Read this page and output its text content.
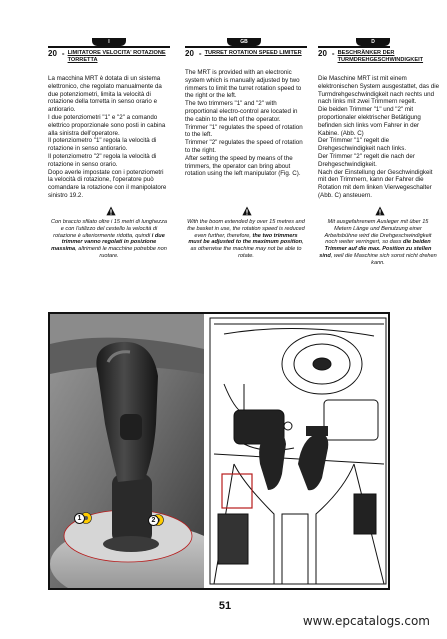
I	GB	D
20 - LIMITATORE VELOCITA' ROTAZIONE TORRETTA

La macchina MRT è dotata di un sistema elettronico, che regolato manualmente da due potenziometri, limita la velocità di rotazione della torretta in senso orario e antiorario.

I due potenziometri "1" e "2" a comando elettrico proporzionale sono posti in cabina alla sinistra dell'operatore.

Il potenziometro "1" regola la velocità di rotazione in senso antiorario.

Il potenziometro "2" regola la velocità di rotazione in senso orario.

Dopo averle impostate con i potenziometri la velocità di rotazione, l'operatore può comandare la rotazione con il manipolatore sinistro 19.2.

20 - TURRET ROTATION SPEED LIMITER

The MRT is provided with an electronic system which is manually adjusted by two rimmers to limit the turret rotation speed to the right or the left.

The two trimmers "1" and "2" with proportional electro-control are located in the cabin to the left of the operator.

Trimmer "1" regulates the speed of rotation to the left.

Trimmer "2" regulates the speed of rotation to the right.

After setting the speed by means of the trimmers, the operator can bring about rotation using the left manipulator (Fig. C).

20 - BESCHRÄNKER DER TURMDREHGESCHWINDIGKEIT

Die Maschine MRT ist mit einem elektronischen System ausgestattet, das die Turmdrehgeschwindigkeit nach rechts und nach links mit zwei Trimmern regelt.

Die beiden Trimmer "1" und "2" mit proportionaler elektrischer Betätigung befinden sich links vom Fahrer in der Kabine. (Abb. C)

Der Trimmer "1" regelt die Drehgeschwindigkeit nach links.

Der Trimmer "2" regelt die nach der Drehgeschwindigkeit.

Nach der Einstellung der Geschwindigkeit mit den Trimmern, kann der Fahrer die Rotation mit dem linken Vierwegeschalter (Abb. C) ansteuern.

Con braccio sfilato oltre i 15 metri di lunghezza e con l'utilizzo del cestello la velocità di rotazione è ulteriormente ridotta, quindi i due trimmer vanno regolati in posizione massima, altrimenti le macchine potrebbe non ruotare.
With the boom extended by over 15 metres and the basket in use, the rotation speed is reduced even further, therefore, the two trimmers must be adjusted to the maximum position, as otherwise the machine may not be able to rotate.
Mit ausgefahrenem Ausleger mit über 15 Metern Länge und Benutzung einer Arbeitsbühne wird die Drehgeschwindigkeit noch weiter verringert, so dass die beiden Trimmer auf die max. Position zu stellen sind, weil die Maschine sich sonst nicht drehen kann.
1	2
51
www.epcatalogs.com
